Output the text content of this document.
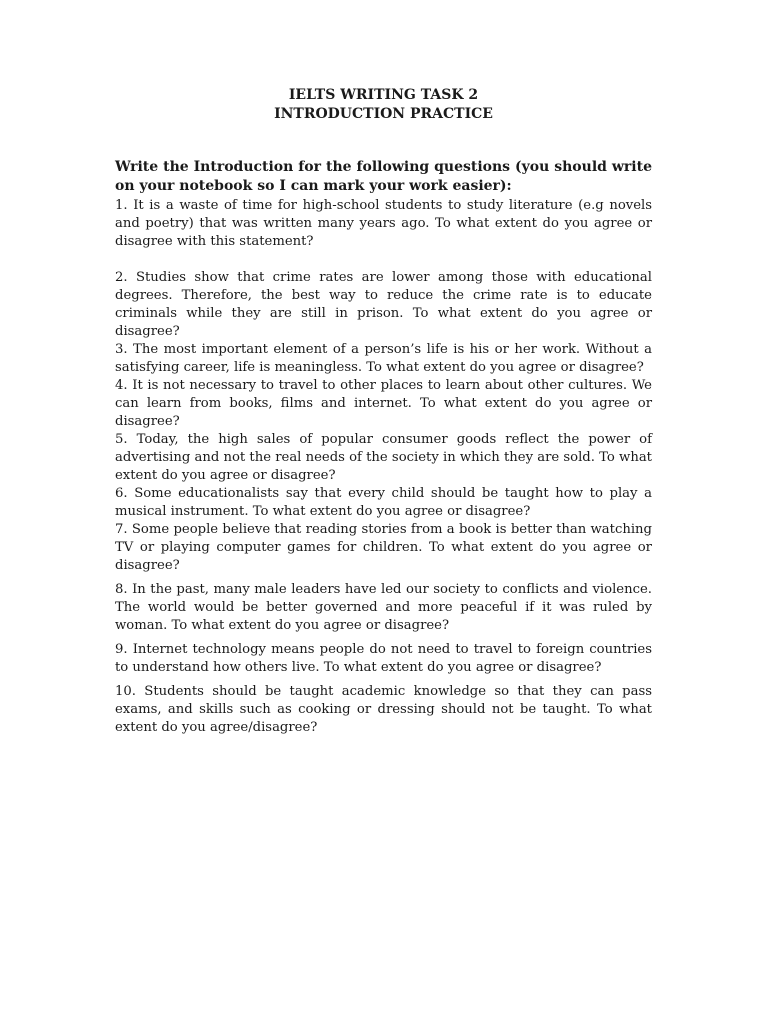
IELTS WRITING TASK 2

INTRODUCTION PRACTICE

Write the Introduction for the following questions (you should write on your notebook so I can mark your work easier):

1. It is a waste of time for high-school students to study literature (e.g novels and poetry) that was written many years ago. To what extent do you agree or disagree with this statement?

2. Studies show that crime rates are lower among those with educational degrees. Therefore, the best way to reduce the crime rate is to educate criminals while they are still in prison. To what extent do you agree or disagree?

3. The most important element of a person’s life is his or her work. Without a satisfying career, life is meaningless. To what extent do you agree or disagree?

4. It is not necessary to travel to other places to learn about other cultures. We can learn from books, films and internet. To what extent do you agree or disagree?

5. Today, the high sales of popular consumer goods reflect the power of advertising and not the real needs of the society in which they are sold. To what extent do you agree or disagree?

6. Some educationalists say that every child should be taught how to play a musical instrument. To what extent do you agree or disagree?

7. Some people believe that reading stories from a book is better than watching TV or playing computer games for children. To what extent do you agree or disagree?

8. In the past, many male leaders have led our society to conflicts and violence. The world would be better governed and more peaceful if it was ruled by woman. To what extent do you agree or disagree?

9. Internet technology means people do not need to travel to foreign countries to understand how others live. To what extent do you agree or disagree?

10. Students should be taught academic knowledge so that they can pass exams, and skills such as cooking or dressing should not be taught. To what extent do you agree/disagree?
